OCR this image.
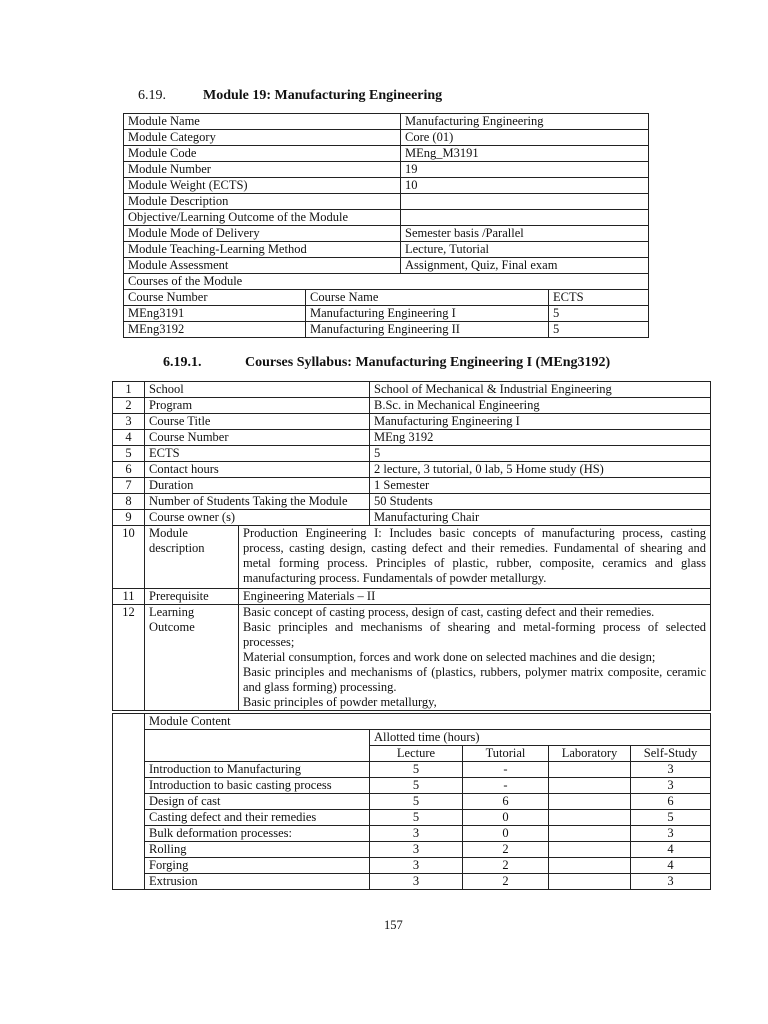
6.19.	Module 19: Manufacturing Engineering
Module Name	Manufacturing Engineering
Module Category	Core (01)
Module Code	MEng_M3191
Module Number	19
Module Weight (ECTS)	10
Module Description	
Objective/Learning Outcome of the Module	
Module Mode of Delivery	Semester basis /Parallel
Module Teaching-Learning Method	Lecture, Tutorial
Module Assessment	Assignment, Quiz, Final exam
Courses of the Module		
Course Number	Course Name	ECTS
MEng3191	Manufacturing Engineering I	5
MEng3192	Manufacturing Engineering II	5
6.19.1.	Courses Syllabus: Manufacturing Engineering I (MEng3192)
1	School		School of Mechanical & Industrial Engineering
2	Program		B.Sc. in Mechanical Engineering
3	Course Title		Manufacturing Engineering I
4	Course Number		MEng 3192
5	ECTS		5
6	Contact hours		2 lecture, 3 tutorial, 0 lab, 5 Home study (HS)
7	Duration		1 Semester
8	Number of Students Taking the Module		50 Students
9	Course owner (s)		Manufacturing Chair
10	Module description	Production Engineering I: Includes basic concepts of manufacturing process, casting process, casting design, casting defect and their remedies. Fundamental of shearing and metal forming process. Principles of plastic, rubber, composite, ceramics and glass manufacturing process. Fundamentals of powder metallurgy.	
11	Prerequisite	Engineering Materials – II	
12	Learning Outcome	Basic concept of casting process, design of cast, casting defect and their remedies.
Basic principles and mechanisms of shearing and metal-forming process of selected processes;
Material consumption, forces and work done on selected machines and die design;
Basic principles and mechanisms of (plastics, rubbers, polymer matrix composite, ceramic and glass forming) processing.
Basic principles of powder metallurgy,	
	Module Content				
		Allotted time (hours)			
		Lecture	Tutorial	Laboratory	Self-Study
	Introduction to Manufacturing	5	-		3
	Introduction to basic casting process	5	-		3
	Design of cast	5	6		6
	Casting defect and their remedies	5	0		5
	Bulk deformation processes:	3	0		3
	Rolling	3	2		4
	Forging	3	2		4
	Extrusion	3	2		3
157
